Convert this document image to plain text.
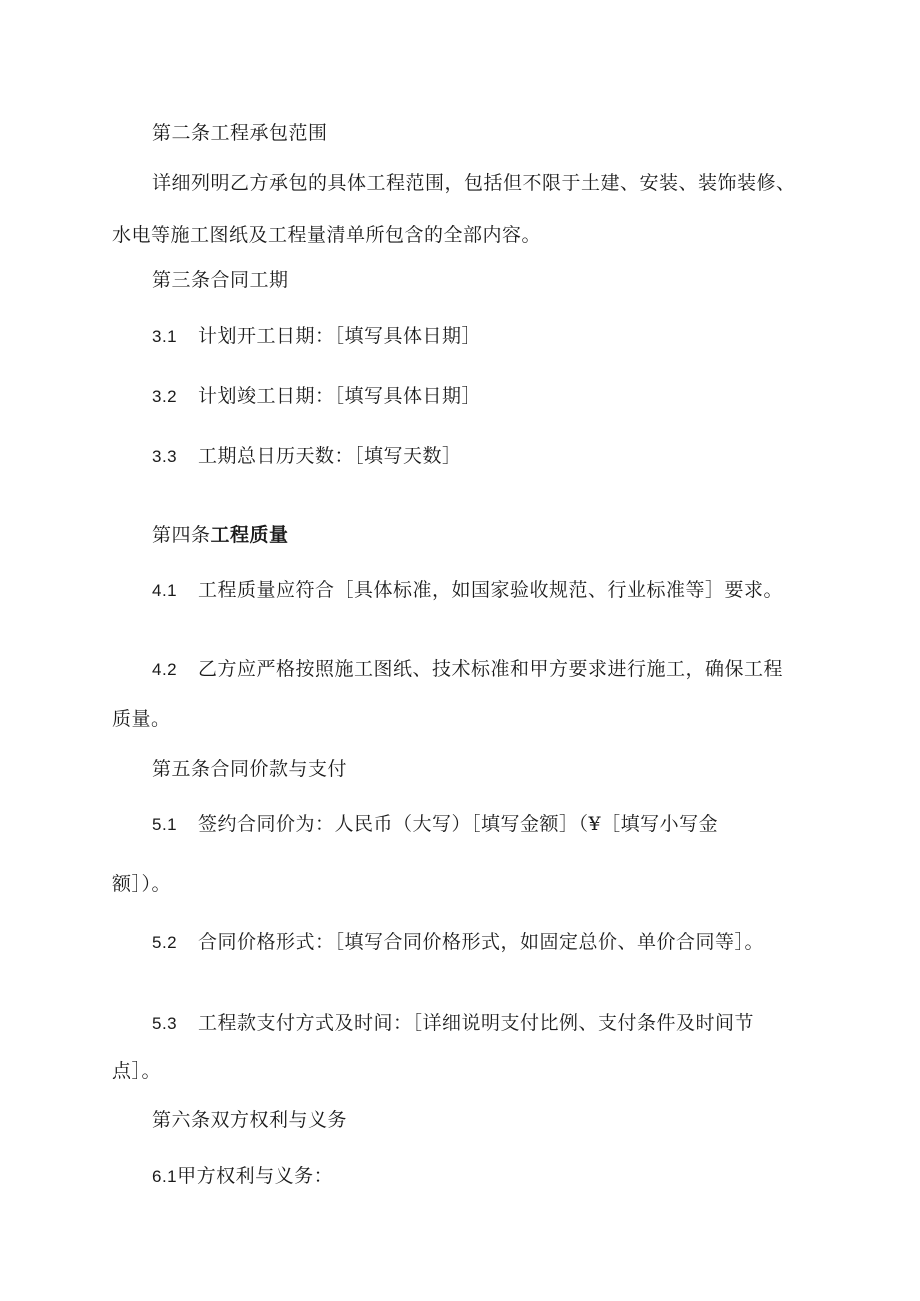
第二条工程承包范围
详细列明乙方承包的具体工程范围，包括但不限于土建、安装、装饰装修、
水电等施工图纸及工程量清单所包含的全部内容。
第三条合同工期
3.1 计划开工日期：［填写具体日期］
3.2 计划竣工日期：［填写具体日期］
3.3 工期总日历天数：［填写天数］
第四条工程质量
4.1 工程质量应符合［具体标准，如国家验收规范、行业标准等］要求。
4.2 乙方应严格按照施工图纸、技术标准和甲方要求进行施工，确保工程
质量。
第五条合同价款与支付
5.1 签约合同价为：人民币（大写）［填写金额］（¥［填写小写金
额］）。
5.2 合同价格形式：［填写合同价格形式，如固定总价、单价合同等］。
5.3 工程款支付方式及时间：［详细说明支付比例、支付条件及时间节
点］。
第六条双方权利与义务
6.1甲方权利与义务：
